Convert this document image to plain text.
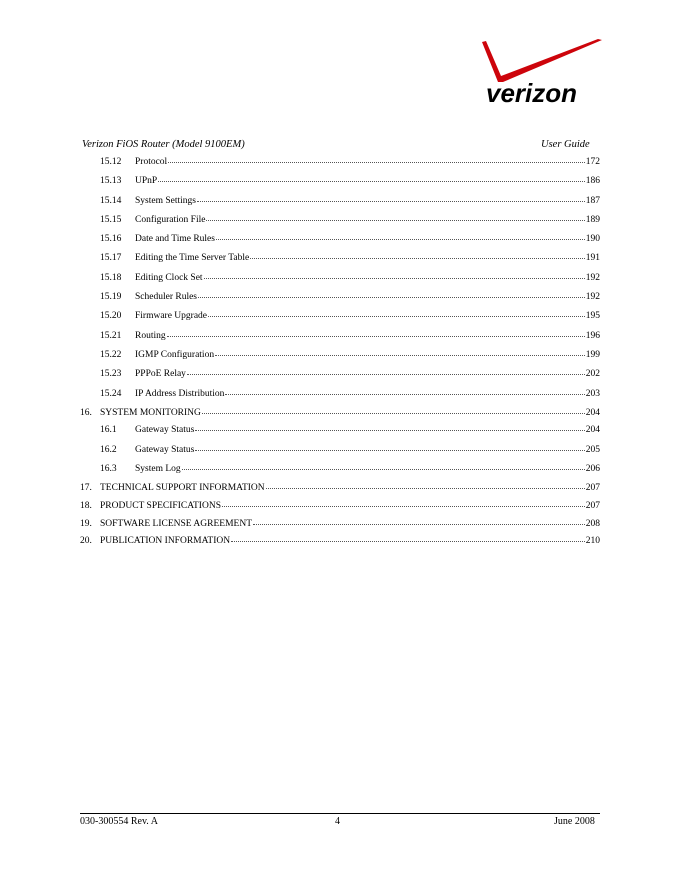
verizon
Verizon FiOS Router (Model 9100EM)	User Guide
15.12	Protocol	172
15.13	UPnP	186
15.14	System Settings	187
15.15	Configuration File	189
15.16	Date and Time Rules	190
15.17	Editing the Time Server Table	191
15.18	Editing Clock Set	192
15.19	Scheduler Rules	192
15.20	Firmware Upgrade	195
15.21	Routing	196
15.22	IGMP Configuration	199
15.23	PPPoE Relay	202
15.24	IP Address Distribution	203
16. SYSTEM MONITORING	204
16.1	Gateway Status	204
16.2	Gateway Status	205
16.3	System Log	206
17. TECHNICAL SUPPORT INFORMATION	207
18. PRODUCT SPECIFICATIONS	207
19. SOFTWARE LICENSE AGREEMENT	208
20. PUBLICATION INFORMATION	210
030-300554 Rev. A	4	June 2008
